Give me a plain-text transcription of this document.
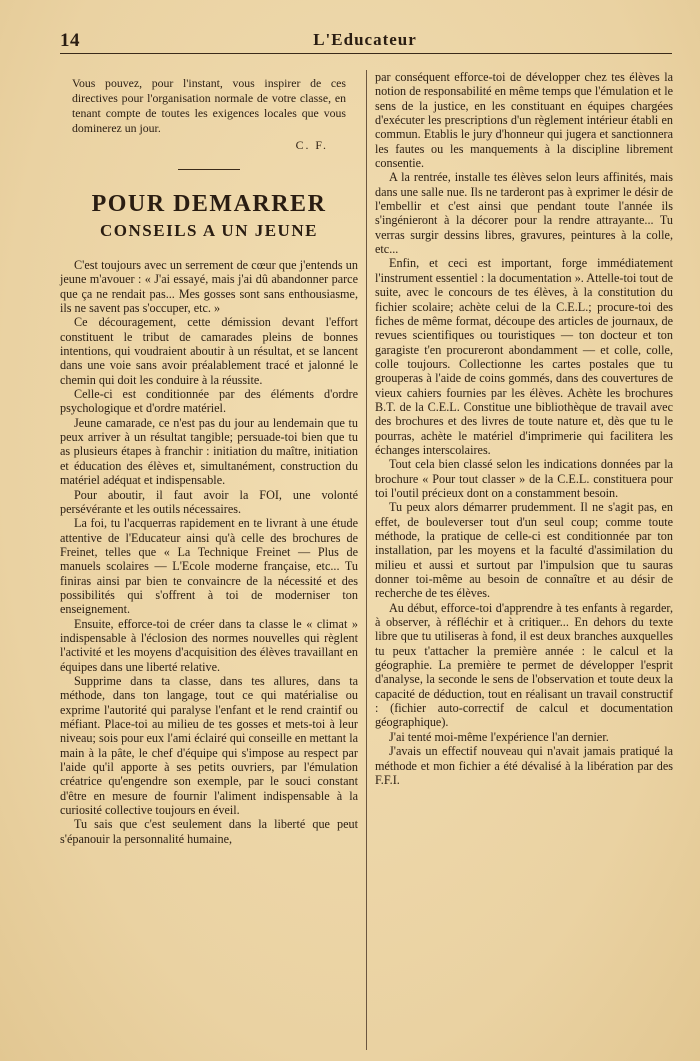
14	L'Educateur

Vous pouvez, pour l'instant, vous inspirer de ces directives pour l'organisation normale de votre classe, en tenant compte de toutes les exigences locales que vous dominerez un jour.

C. F.
POUR DEMARRER
CONSEILS A UN JEUNE

C'est toujours avec un serrement de cœur que j'entends un jeune m'avouer : « J'ai essayé, mais j'ai dû abandonner parce que ça ne rendait pas... Mes gosses sont sans enthousiasme, ils ne savent pas s'occuper, etc. »

Ce découragement, cette démission devant l'effort constituent le tribut de camarades pleins de bonnes intentions, qui voudraient aboutir à un résultat, et se lancent dans une voie sans avoir préalablement tracé et jalonné le chemin qui doit les conduire à la réussite.

Celle-ci est conditionnée par des éléments d'ordre psychologique et d'ordre matériel.

Jeune camarade, ce n'est pas du jour au lendemain que tu peux arriver à un résultat tangible; persuade-toi bien que tu as plusieurs étapes à franchir : initiation du maître, initiation et éducation des élèves et, simultanément, construction du matériel adéquat et indispensable.

Pour aboutir, il faut avoir la FOI, une volonté persévérante et les outils nécessaires.

La foi, tu l'acquerras rapidement en te livrant à une étude attentive de l'Educateur ainsi qu'à celle des brochures de Freinet, telles que « La Technique Freinet — Plus de manuels scolaires — L'Ecole moderne française, etc... Tu finiras ainsi par bien te convaincre de la nécessité et des possibilités qui s'offrent à toi de moderniser ton enseignement.

Ensuite, efforce-toi de créer dans ta classe le « climat » indispensable à l'éclosion des normes nouvelles qui règlent l'activité et les moyens d'acquisition des élèves travaillant en équipes dans une liberté relative.

Supprime dans ta classe, dans tes allures, dans ta méthode, dans ton langage, tout ce qui matérialise ou exprime l'autorité qui paralyse l'enfant et le rend craintif ou méfiant. Place-toi au milieu de tes gosses et mets-toi à leur niveau; sois pour eux l'ami éclairé qui conseille en mettant la main à la pâte, le chef d'équipe qui s'impose au respect par l'aide qu'il apporte à ses petits ouvriers, par l'émulation créatrice qu'engendre son exemple, par le souci constant d'être en mesure de fournir l'aliment indispensable à la curiosité collective toujours en éveil.

Tu sais que c'est seulement dans la liberté que peut s'épanouir la personnalité humaine,

par conséquent efforce-toi de développer chez tes élèves la notion de responsabilité en même temps que l'émulation et le sens de la justice, en les constituant en équipes chargées d'exécuter les prescriptions d'un règlement intérieur établi en commun. Etablis le jury d'honneur qui jugera et sanctionnera les fautes ou les manquements à la discipline librement consentie.

A la rentrée, installe tes élèves selon leurs affinités, mais dans une salle nue. Ils ne tarderont pas à exprimer le désir de l'embellir et c'est ainsi que pendant toute l'année ils s'ingénieront à la décorer pour la rendre attrayante... Tu verras surgir dessins libres, gravures, peintures à la colle, etc...

Enfin, et ceci est important, forge immédiatement l'instrument essentiel : la documentation ». Attelle-toi tout de suite, avec le concours de tes élèves, à la constitution du fichier scolaire; achète celui de la C.E.L.; procure-toi des fiches de même format, découpe des articles de journaux, de revues scientifiques ou touristiques — ton docteur et ton garagiste t'en procureront abondamment — et colle, colle, colle toujours. Collectionne les cartes postales que tu grouperas à l'aide de coins gommés, dans des couvertures de vieux cahiers fournies par les élèves. Achète les brochures B.T. de la C.E.L. Constitue une bibliothèque de travail avec des brochures et des livres de toute nature et, dès que tu le pourras, achète le matériel d'imprimerie qui facilitera les échanges interscolaires.

Tout cela bien classé selon les indications données par la brochure « Pour tout classer » de la C.E.L. constituera pour toi l'outil précieux dont on a constamment besoin.

Tu peux alors démarrer prudemment. Il ne s'agit pas, en effet, de bouleverser tout d'un seul coup; comme toute méthode, la pratique de celle-ci est conditionnée par ton installation, par les moyens et la faculté d'assimilation du milieu et aussi et surtout par l'impulsion que tu sauras donner toi-même au besoin de connaître et au désir de recherche de tes élèves.

Au début, efforce-toi d'apprendre à tes enfants à regarder, à observer, à réfléchir et à critiquer... En dehors du texte libre que tu utiliseras à fond, il est deux branches auxquelles tu peux t'attacher la première année : le calcul et la géographie. La première te permet de développer l'esprit d'analyse, la seconde le sens de l'observation et toute deux la capacité de déduction, tout en réalisant un travail constructif : (fichier auto-correctif de calcul et documentation géographique).

J'ai tenté moi-même l'expérience l'an dernier.

J'avais un effectif nouveau qui n'avait jamais pratiqué la méthode et mon fichier a été dévalisé à la libération par des F.F.I.
